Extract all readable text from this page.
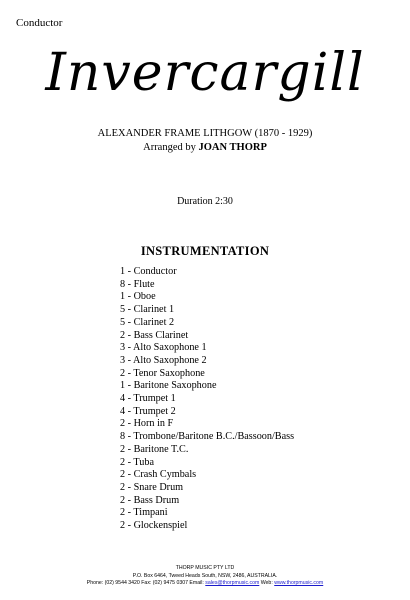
Conductor
Invercargill
ALEXANDER FRAME LITHGOW (1870 - 1929)
Arranged by JOAN THORP
Duration 2:30
INSTRUMENTATION
1 - Conductor
8 - Flute
1 - Oboe
5 - Clarinet 1
5 - Clarinet 2
2 - Bass Clarinet
3 - Alto Saxophone 1
3 - Alto Saxophone 2
2 - Tenor Saxophone
1 - Baritone Saxophone
4 - Trumpet 1
4 - Trumpet 2
2 - Horn in F
8 - Trombone/Baritone B.C./Bassoon/Bass
2 - Baritone T.C.
2 - Tuba
2 - Crash Cymbals
2 - Snare Drum
2 - Bass Drum
2 - Timpani
2 - Glockenspiel
THORP MUSIC PTY LTD
P.O. Box 6464, Tweed Heads South, NSW, 2486, AUSTRALIA.
Phone: (02) 9544 3420 Fax: (02) 9475 0307 Email: sales@thorpmusic.com Web: www.thorpmusic.com
